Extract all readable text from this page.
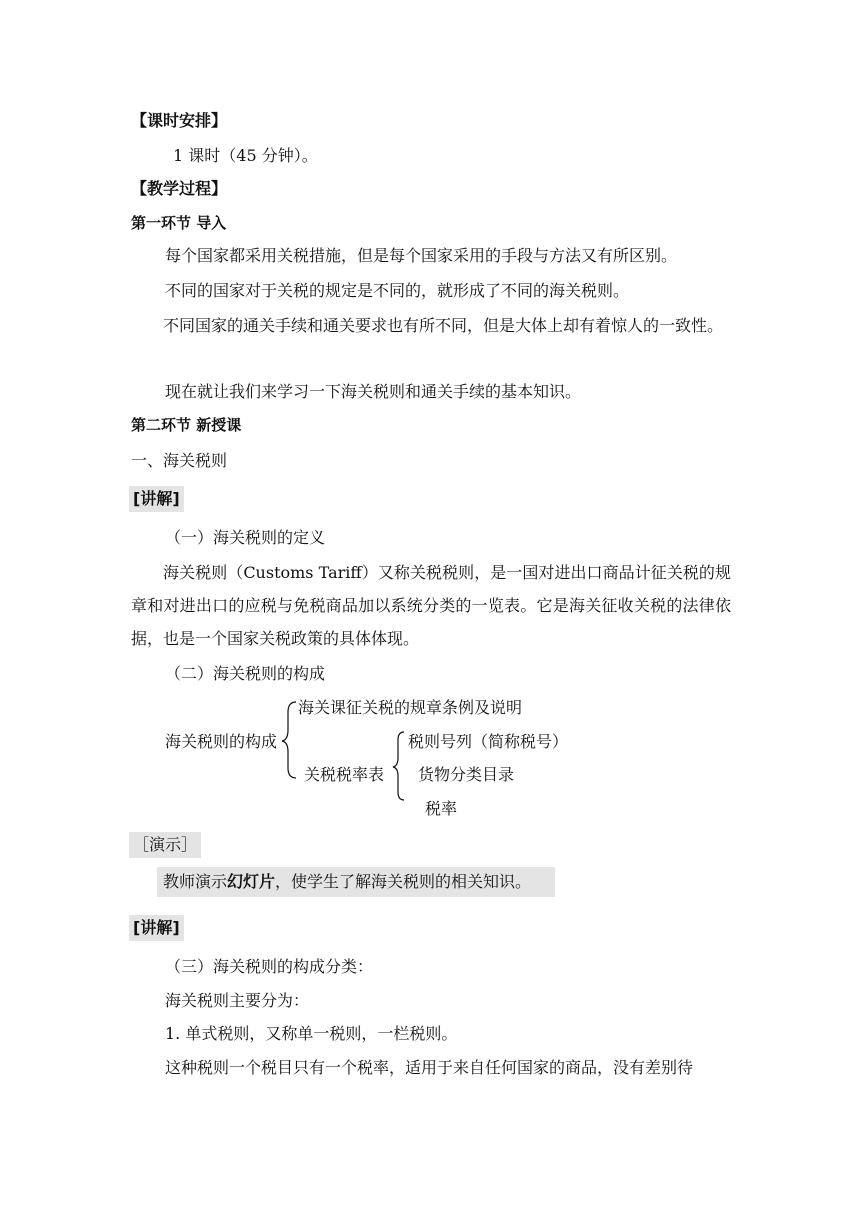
【课时安排】
1 课时（45 分钟）。
【教学过程】
第一环节 导入
每个国家都采用关税措施，但是每个国家采用的手段与方法又有所区别。
不同的国家对于关税的规定是不同的，就形成了不同的海关税则。
不同国家的通关手续和通关要求也有所不同，但是大体上却有着惊人的一致性。
现在就让我们来学习一下海关税则和通关手续的基本知识。
第二环节 新授课
一、海关税则
[讲解]
（一）海关税则的定义
海关税则（Customs Tariff）又称关税税则，是一国对进出口商品计征关税的规章和对进出口的应税与免税商品加以系统分类的一览表。它是海关征收关税的法律依据，也是一个国家关税政策的具体体现。
（二）海关税则的构成
海关税则的构成
海关课征关税的规章条例及说明
关税税率表
税则号列（简称税号）
货物分类目录
税率
［演示］
教师演示幻灯片，使学生了解海关税则的相关知识。
[讲解]
（三）海关税则的构成分类：
海关税则主要分为：
1. 单式税则，又称单一税则，一栏税则。
这种税则一个税目只有一个税率，适用于来自任何国家的商品，没有差别待
